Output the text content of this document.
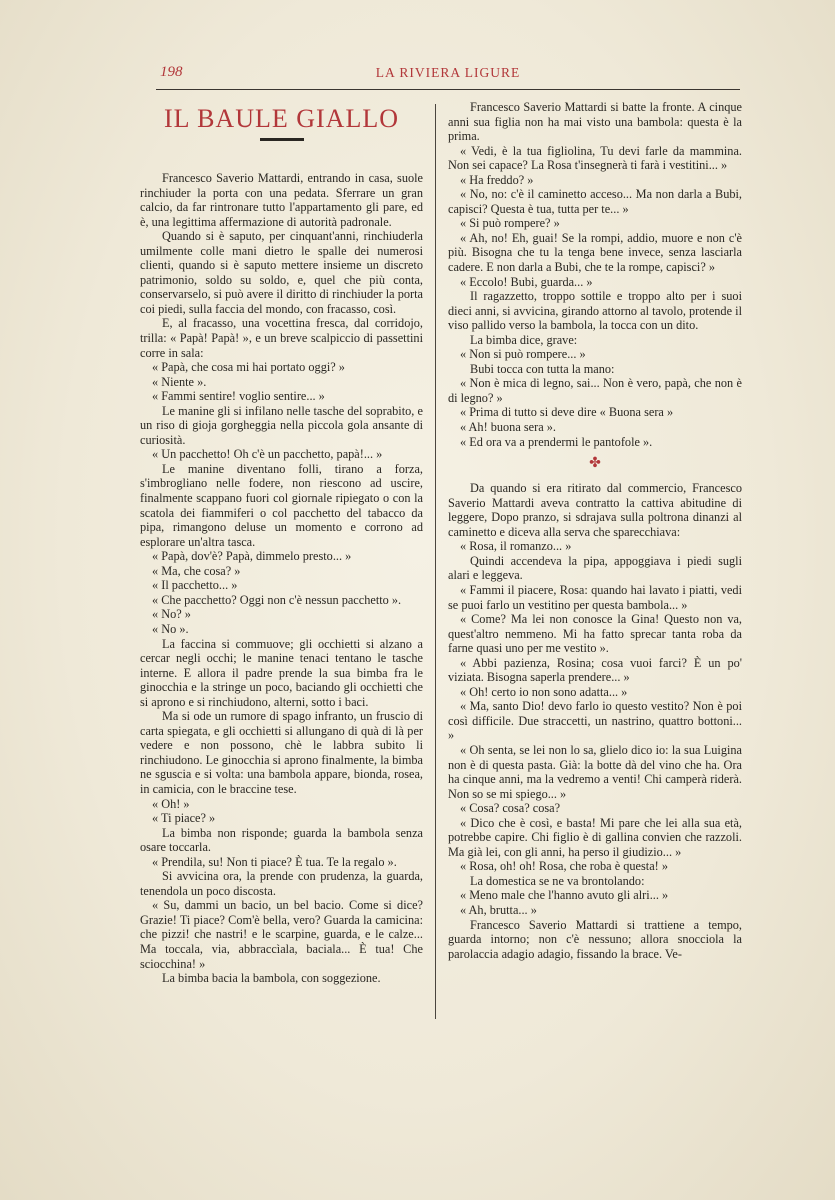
198	LA RIVIERA LIGURE
IL BAULE GIALLO

Francesco Saverio Mattardi, entrando in casa, suole rinchiuder la porta con una pedata. Sferrare un gran calcio, da far rintronare tutto l'appartamento gli pare, ed è, una legittima affermazione di autorità padronale.

Quando si è saputo, per cinquant'anni, rinchiuderla umilmente colle mani dietro le spalle dei numerosi clienti, quando si è saputo mettere insieme un discreto patrimonio, soldo su soldo, e, quel che più conta, conservarselo, si può avere il diritto di rinchiuder la porta coi piedi, sulla faccia del mondo, con fracasso, così.

E, al fracasso, una vocettina fresca, dal corridojo, trilla: « Papà! Papà! », e un breve scalpiccio di passettini corre in sala:

« Papà, che cosa mi hai portato oggi? »

« Niente ».

« Fammi sentire! voglio sentire... »

Le manine gli si infilano nelle tasche del soprabito, e un riso di gioja gorgheggia nella piccola gola ansante di curiosità.

« Un pacchetto! Oh c'è un pacchetto, papà!... »

Le manine diventano folli, tirano a forza, s'imbrogliano nelle fodere, non riescono ad uscire, finalmente scappano fuori col giornale ripiegato o con la scatola dei fiammiferi o col pacchetto del tabacco da pipa, rimangono deluse un momento e corrono ad esplorare un'altra tasca.

« Papà, dov'è? Papà, dimmelo presto... »

« Ma, che cosa? »

« Il pacchetto... »

« Che pacchetto? Oggi non c'è nessun pacchetto ».

« No? »

« No ».

La faccina si commuove; gli occhietti si alzano a cercar negli occhi; le manine tenaci tentano le tasche interne. E allora il padre prende la sua bimba fra le ginocchia e la stringe un poco, baciando gli occhietti che si aprono e si rinchiudono, alterni, sotto i baci.

Ma si ode un rumore di spago infranto, un fruscio di carta spiegata, e gli occhietti si allungano di quà di là per vedere e non possono, chè le labbra subito li rinchiudono. Le ginocchia si aprono finalmente, la bimba ne sguscia e si volta: una bambola appare, bionda, rosea, in camicia, con le braccine tese.

« Oh! »

« Ti piace? »

La bimba non risponde; guarda la bambola senza osare toccarla.

« Prendila, su! Non ti piace? È tua. Te la regalo ».

Si avvicina ora, la prende con prudenza, la guarda, tenendola un poco discosta.

« Su, dammi un bacio, un bel bacio. Come si dice? Grazie! Ti piace? Com'è bella, vero? Guarda la camicina: che pizzi! che nastri! e le scarpine, guarda, e le calze... Ma toccala, via, abbraccìala, baciala... È tua! Che sciocchina! »

La bimba bacia la bambola, con soggezione.

Francesco Saverio Mattardi si batte la fronte. A cinque anni sua figlia non ha mai visto una bambola: questa è la prima.

« Vedi, è la tua figliolina, Tu devi farle da mammina. Non sei capace? La Rosa t'insegnerà ti farà i vestitini... »

« Ha freddo? »

« No, no: c'è il caminetto acceso... Ma non darla a Bubi, capisci? Questa è tua, tutta per te... »

« Si può rompere? »

« Ah, no! Eh, guai! Se la rompi, addio, muore e non c'è più. Bisogna che tu la tenga bene invece, senza lasciarla cadere. E non darla a Bubi, che te la rompe, capisci? »

« Eccolo! Bubi, guarda... »

Il ragazzetto, troppo sottile e troppo alto per i suoi dieci anni, si avvicina, girando attorno al tavolo, protende il viso pallido verso la bambola, la tocca con un dito.

La bimba dice, grave:

« Non si può rompere... »

Bubi tocca con tutta la mano:

« Non è mica di legno, sai... Non è vero, papà, che non è di legno? »

« Prima di tutto si deve dire « Buona sera »

« Ah! buona sera ».

« Ed ora va a prendermi le pantofole ».

✤

Da quando si era ritirato dal commercio, Francesco Saverio Mattardi aveva contratto la cattiva abitudine di leggere, Dopo pranzo, si sdrajava sulla poltrona dinanzi al caminetto e diceva alla serva che sparecchiava:

« Rosa, il romanzo... »

Quindi accendeva la pipa, appoggiava i piedi sugli alari e leggeva.

« Fammi il piacere, Rosa: quando hai lavato i piatti, vedi se puoi farlo un vestitino per questa bambola... »

« Come? Ma lei non conosce la Gina! Questo non va, quest'altro nemmeno. Mi ha fatto sprecar tanta roba da farne quasi uno per me vestito ».

« Abbi pazienza, Rosina; cosa vuoi farci? È un po' viziata. Bisogna saperla prendere... »

« Oh! certo io non sono adatta... »

« Ma, santo Dio! devo farlo io questo vestito? Non è poi così difficile. Due straccetti, un nastrino, quattro bottoni... »

« Oh senta, se lei non lo sa, glielo dico io: la sua Luigina non è di questa pasta. Già: la botte dà del vino che ha. Ora ha cinque anni, ma la vedremo a venti! Chi camperà riderà. Non so se mi spiego... »

« Cosa? cosa? cosa?

« Dico che è così, e basta! Mi pare che lei alla sua età, potrebbe capire. Chi figlio è di gallina convien che razzoli. Ma già lei, con gli anni, ha perso il giudizio... »

« Rosa, oh! oh! Rosa, che roba è questa! »

La domestica se ne va brontolando:

« Meno male che l'hanno avuto gli alri... »

« Ah, brutta... »

Francesco Saverio Mattardi si trattiene a tempo, guarda intorno; non c'è nessuno; allora snocciola la parolaccia adagio adagio, fissando la brace. Ve-
